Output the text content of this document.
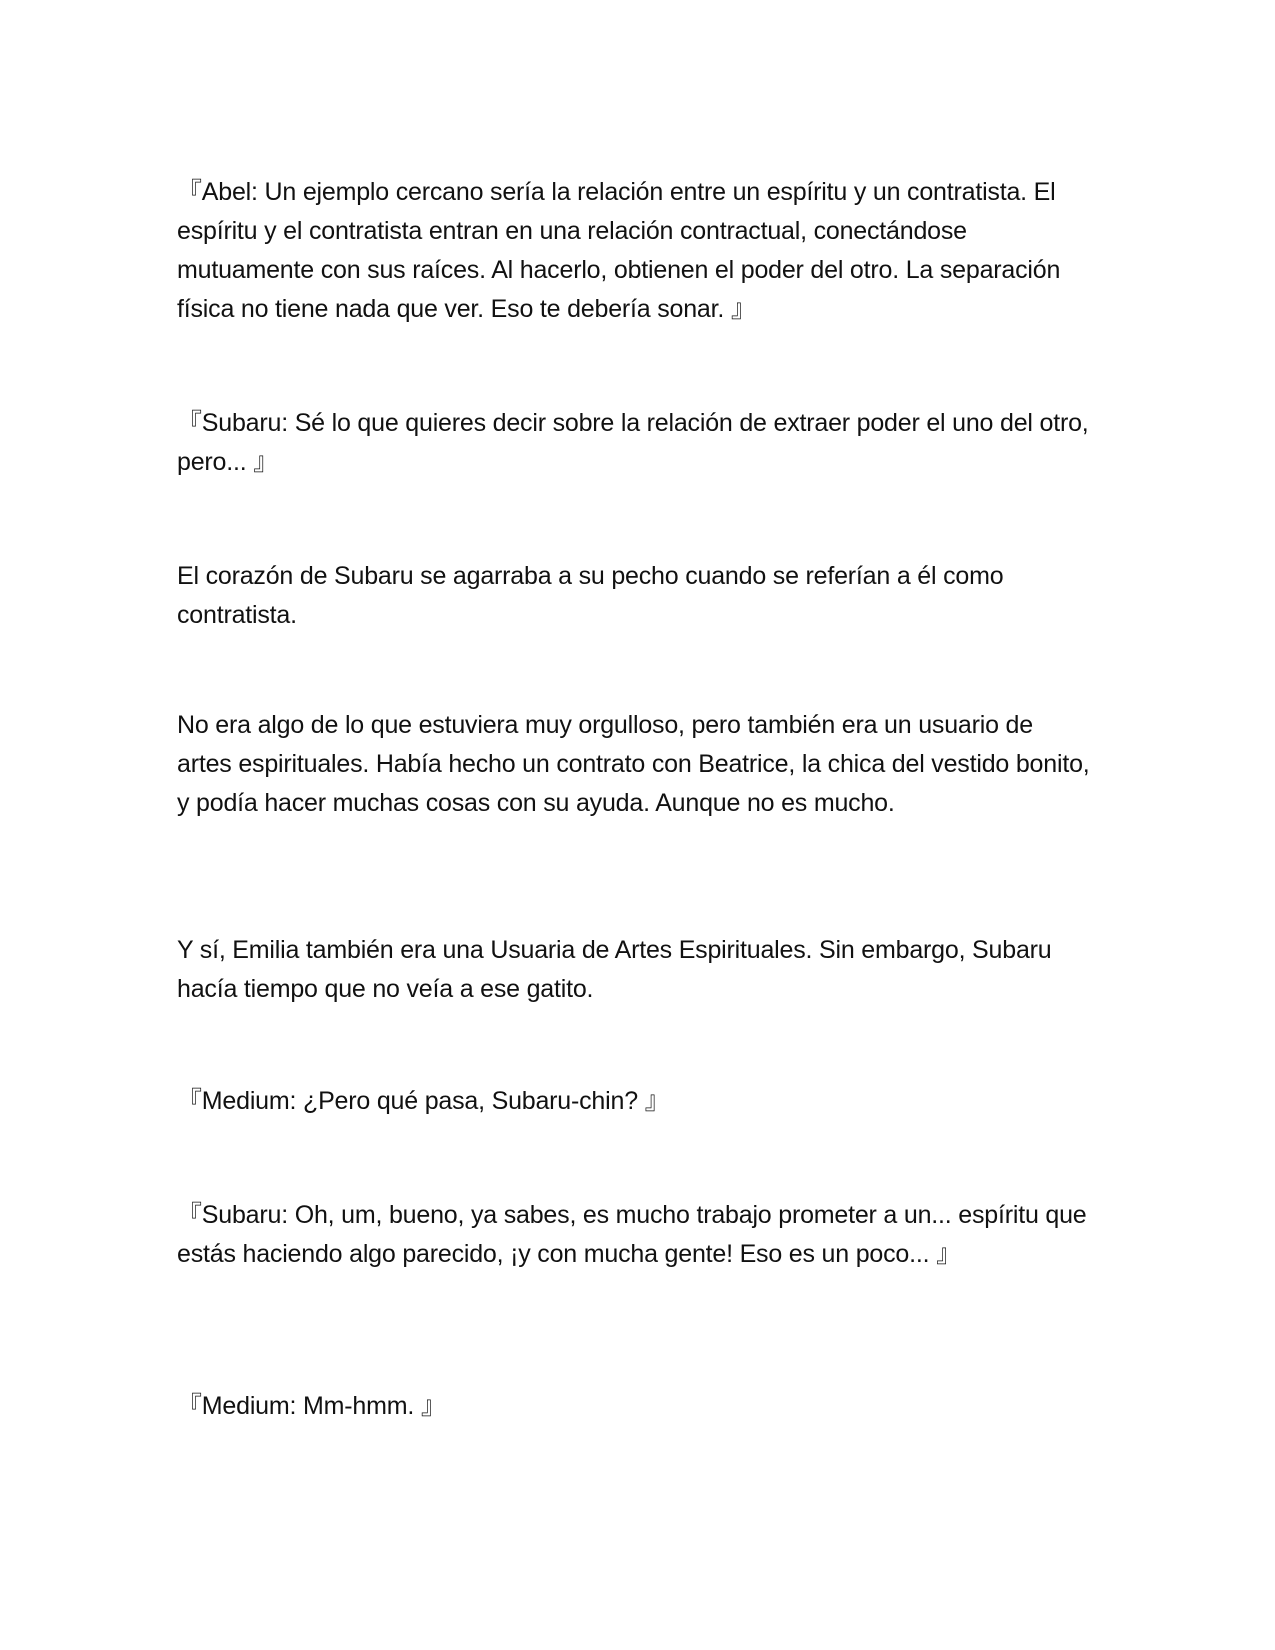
『Abel: Un ejemplo cercano sería la relación entre un espíritu y un contratista. El espíritu y el contratista entran en una relación contractual, conectándose mutuamente con sus raíces. Al hacerlo, obtienen el poder del otro. La separación física no tiene nada que ver. Eso te debería sonar. 』

『Subaru: Sé lo que quieres decir sobre la relación de extraer poder el uno del otro, pero... 』

El corazón de Subaru se agarraba a su pecho cuando se referían a él como contratista.

No era algo de lo que estuviera muy orgulloso, pero también era un usuario de artes espirituales. Había hecho un contrato con Beatrice, la chica del vestido bonito, y podía hacer muchas cosas con su ayuda. Aunque no es mucho.

Y sí, Emilia también era una Usuaria de Artes Espirituales. Sin embargo, Subaru hacía tiempo que no veía a ese gatito.

『Medium: ¿Pero qué pasa, Subaru-chin? 』

『Subaru: Oh, um, bueno, ya sabes, es mucho trabajo prometer a un... espíritu que estás haciendo algo parecido, ¡y con mucha gente! Eso es un poco... 』

『Medium: Mm-hmm. 』
